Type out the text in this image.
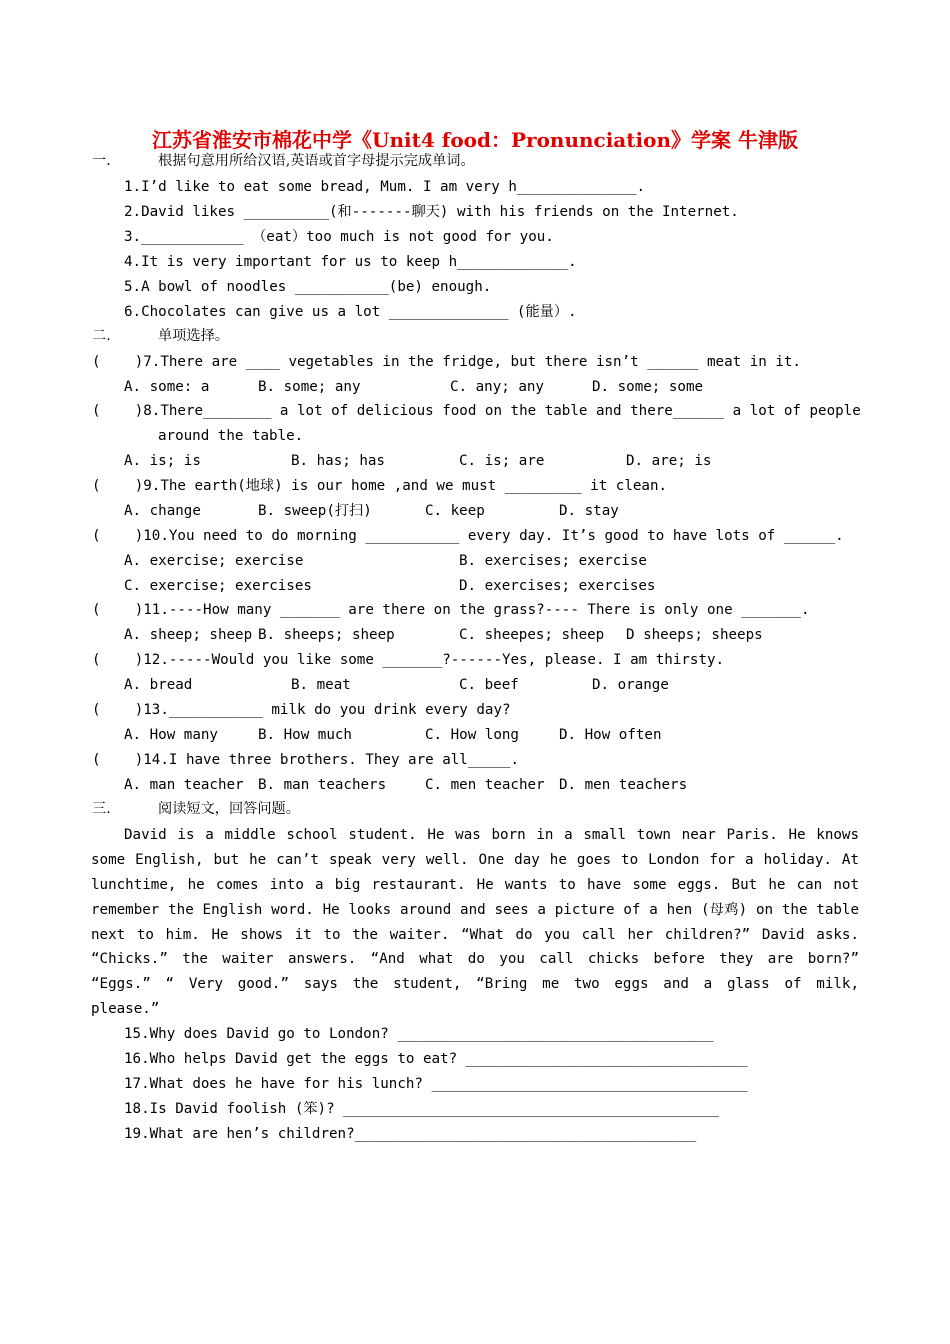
江苏省淮安市棉花中学《Unit4 food：Pronunciation》学案 牛津版
一.	根据句意用所给汉语,英语或首字母提示完成单词。
1.I’d like to eat some bread, Mum. I am very h______________.
2.David likes __________(和-------聊天) with his friends on the Internet.
3.____________ （eat）too much is not good for you.
4.It is very important for us to keep h_____________.
5.A bowl of noodles ___________(be) enough.
6.Chocolates can give us a lot ______________ (能量）.
二.	单项选择。
(    )7.There are ____ vegetables in the fridge, but there isn’t ______ meat in it.
A. some: a	B. some; any	C. any; any	D. some; some
(    )8.There________ a lot of delicious food on the table and there______ a lot of people
around the table.
A. is; is	B. has; has	C. is; are	D. are; is
(    )9.The earth(地球) is our home ,and we must _________ it clean.
A. change	B. sweep(打扫)	C. keep	D. stay
(    )10.You need to do morning ___________ every day. It’s good to have lots of ______.
A. exercise; exercise	B. exercises; exercise
C. exercise; exercises	D. exercises; exercises
(    )11.----How many _______ are there on the grass?---- There is only one _______.
A. sheep; sheep B. sheeps; sheep	C. sheepes; sheep D sheeps; sheeps
(    )12.-----Would you like some _______?------Yes, please. I am thirsty.
A. bread	B. meat	C. beef	D. orange
(    )13.___________ milk do you drink every day?
A. How many	B. How much	C. How long	D. How often
(    )14.I have three brothers. They are all_____.
A. man teacher B. man teachers	C. men teacher D. men teachers
三.	阅读短文，回答问题。
David is a middle school student. He was born in a small town near Paris. He knows
some English, but he can’t speak very well. One day he goes to London for a holiday. At
lunchtime, he comes into a big restaurant. He wants to have some eggs. But he can not
remember the English word. He looks around and sees a picture of a hen (母鸡) on the table
next to him. He shows it to the waiter. “What do you call her children?” David asks.
“Chicks.” the waiter answers. “And what do you call chicks before they are born?”
“Eggs.” “ Very good.” says the student, “Bring me two eggs and a glass of milk,
please.”
15.Why does David go to London? _____________________________________
16.Who helps David get the eggs to eat? _________________________________
17.What does he have for his lunch? _____________________________________
18.Is David foolish (笨)? ____________________________________________
19.What are hen’s children?________________________________________
